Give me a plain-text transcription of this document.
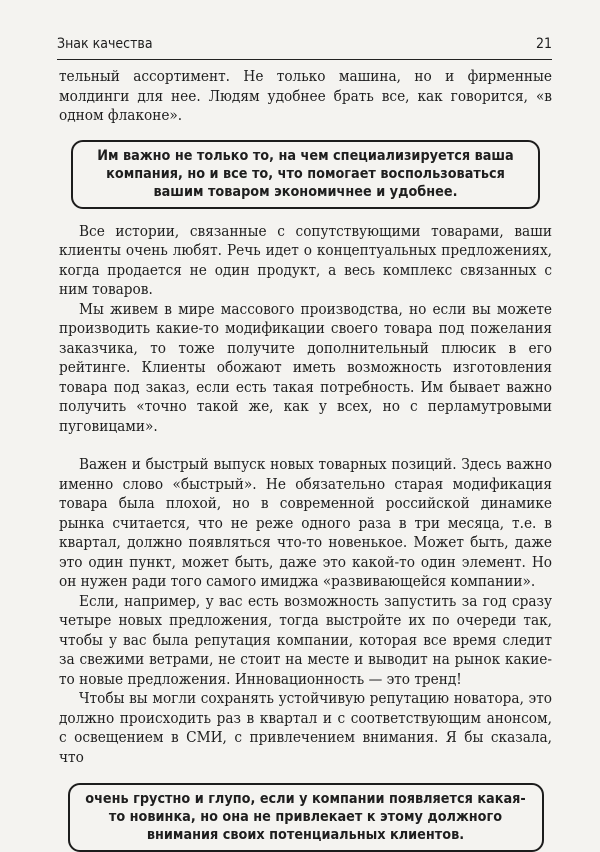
Знак качества	21

тельный ассортимент. Не только машина, но и фирменные молдинги для нее. Людям удобнее брать все, как говорится, «в одном флаконе».

Им важно не только то, на чем специализируется ваша компания, но и все то, что помогает воспользоваться вашим товаром экономичнее и удобнее.

Все истории, связанные с сопутствующими товарами, ваши клиенты очень любят. Речь идет о концептуальных предложениях, когда продается не один продукт, а весь комплекс связанных с ним товаров.

Мы живем в мире массового производства, но если вы можете производить какие-то модификации своего товара под пожелания заказчика, то тоже получите дополнительный плюсик в его рейтинге. Клиенты обожают иметь возможность изготовления товара под заказ, если есть такая потребность. Им бывает важно получить «точно такой же, как у всех, но с перламутровыми пуговицами».

Важен и быстрый выпуск новых товарных позиций. Здесь важно именно слово «быстрый». Не обязательно старая модификация товара была плохой, но в современной российской динамике рынка считается, что не реже одного раза в три месяца, т.е. в квартал, должно появляться что-то новенькое. Может быть, даже это один пункт, может быть, даже это какой-то один элемент. Но он нужен ради того самого имиджа «развивающейся компании».

Если, например, у вас есть возможность запустить за год сразу четыре новых предложения, тогда выстройте их по очереди так, чтобы у вас была репутация компании, которая все время следит за свежими ветрами, не стоит на месте и выводит на рынок какие-то новые предложения. Инновационность — это тренд!

Чтобы вы могли сохранять устойчивую репутацию новатора, это должно происходить раз в квартал и с соответствующим анонсом, с освещением в СМИ, с привлечением внимания. Я бы сказала, что

очень грустно и глупо, если у компании появляется какая-то новинка, но она не привлекает к этому должного внимания своих потенциальных клиентов.
